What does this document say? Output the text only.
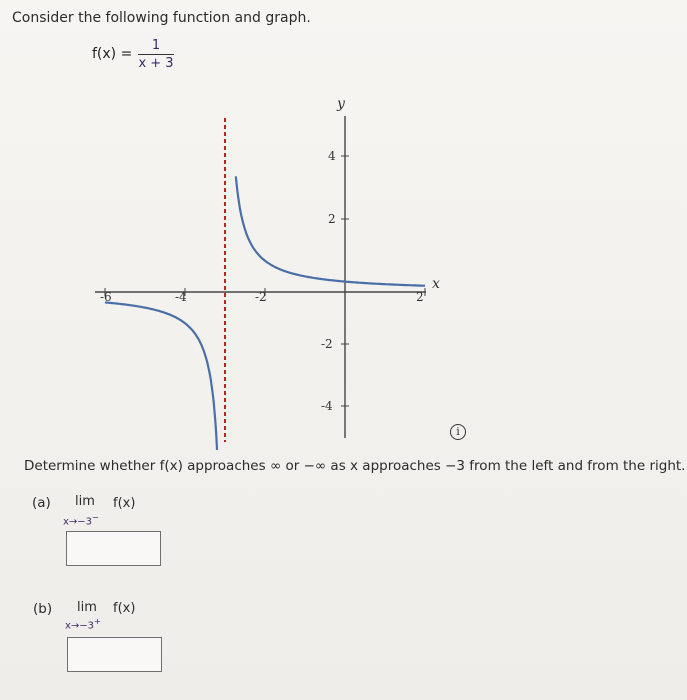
Consider the following function and graph.
f(x) =
1
x + 3
-6	-4	-2	2
4
2
-2
-4
x
y
i
Determine whether f(x) approaches ∞ or −∞ as x approaches −3 from the left and from the right.
(a) lim
x→−3−
f(x)
(b) lim
x→−3+
f(x)
